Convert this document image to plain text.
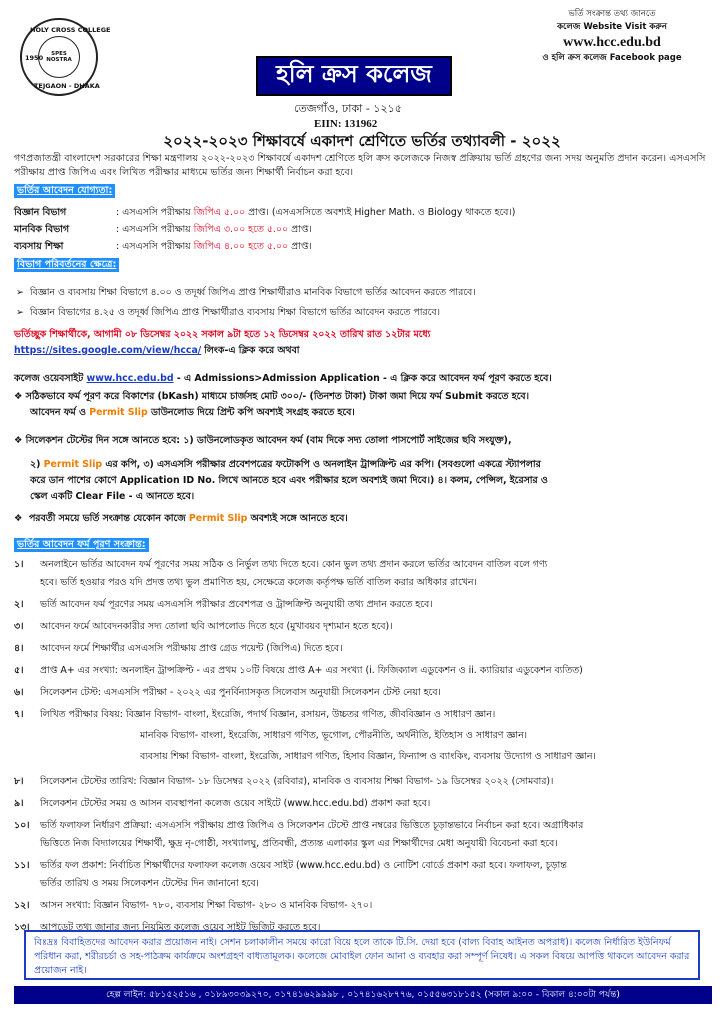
HOLY CROSS COLLEGE
TEJGAON - DHAKA
1950	SPES NOSTRA	হলি ক্রস কলেজ
তেজগাঁও, ঢাকা - ১২১৫
EIIN: 131962
ভর্তি সংক্রান্ত তথ্য জানতে
কলেজ Website Visit করুন
www.hcc.edu.bd
ও হলি ক্রস কলেজ Facebook page
২০২২-২০২৩ শিক্ষাবর্ষে একাদশ শ্রেণিতে ভর্তির তথ্যাবলী - ২০২২
গণপ্রজাতন্ত্রী বাংলাদেশ সরকারের শিক্ষা মন্ত্রণালয় ২০২২-২০২৩ শিক্ষাবর্ষে একাদশ শ্রেণিতে হলি ক্রস কলেজকে নিজস্ব প্রক্রিয়ায় ভর্তি গ্রহণের জন্য সদয় অনুমতি প্রদান করেন। এসএসসি পরীক্ষায় প্রাপ্ত জিপিএ এবং লিখিত পরীক্ষার মাধ্যমে ভর্তির জন্য শিক্ষার্থী নির্বাচন করা হবে।
ভর্তির আবেদন যোগ্যতা:
বিজ্ঞান বিভাগ	: এসএসসি পরীক্ষায় জিপিএ ৫.০০ প্রাপ্ত। (এসএসসিতে অবশ্যই Higher Math. ও Biology থাকতে হবে।)
মানবিক বিভাগ	: এসএসসি পরীক্ষায় জিপিএ ৩.০০ হতে ৫.০০ প্রাপ্ত।
ব্যবসায় শিক্ষা	: এসএসসি পরীক্ষায় জিপিএ ৪.০০ হতে ৫.০০ প্রাপ্ত।
বিভাগ পরিবর্তনের ক্ষেত্রে:
➢  বিজ্ঞান ও ব্যবসায় শিক্ষা বিভাগে ৪.০০ ও তদূর্ধ্ব জিপিএ প্রাপ্ত শিক্ষার্থীরাও মানবিক বিভাগে ভর্তির আবেদন করতে পারবে।
➢  বিজ্ঞান বিভাগের ৪.২৫ ও তদূর্ধ্ব জিপিএ প্রাপ্ত শিক্ষার্থীরাও ব্যবসায় শিক্ষা বিভাগে ভর্তির আবেদন করতে পারবে।
ভর্তিচ্ছুক শিক্ষার্থীকে, আগামী ০৮ ডিসেম্বর ২০২২ সকাল ৯টা হতে ১২ ডিসেম্বর ২০২২ তারিখ রাত ১২টার মধ্যে
https://sites.google.com/view/hcca/ লিংক-এ ক্লিক করে অথবা
কলেজ ওয়েবসাইট www.hcc.edu.bd - এ Admissions>Admission Application - এ ক্লিক করে আবেদন ফর্ম পূরণ করতে হবে।
❖ সঠিকভাবে ফর্ম পূরণ করে বিকাশের (bKash) মাধ্যমে চার্জসহ মোট ৩০০/- (তিনশত টাকা) টাকা জমা দিয়ে ফর্ম Submit করতে হবে।
আবেদন ফর্ম ও Permit Slip ডাউনলোড দিয়ে প্রিন্ট কপি অবশ্যই সংগ্রহ করতে হবে।
❖ সিলেকশন টেস্টের দিন সঙ্গে আনতে হবে: ১) ডাউনলোডকৃত আবেদন ফর্ম (বাম দিকে সদ্য তোলা পাসপোর্ট সাইজের ছবি সংযুক্ত),
২) Permit Slip এর কপি, ৩) এসএসসি পরীক্ষার প্রবেশপত্রের ফটোকপি ও অনলাইন ট্রান্সক্রিপ্ট এর কপি। (সবগুলো একত্রে স্ট্যাপলার
করে ডান পাশের কোণে Application ID No. লিখে আনতে হবে এবং পরীক্ষার হলে অবশ্যই জমা দিবে।) ৪। কলম, পেন্সিল, ইরেসার ও
স্কেল একটি Clear File - এ আনতে হবে।
❖  পরবর্তী সময়ে ভর্তি সংক্রান্ত যেকোন কাজে Permit Slip অবশ্যই সঙ্গে আনতে হবে।
ভর্তির আবেদন ফর্ম পূরণ সংক্রান্ত:
১। অনলাইনে ভর্তির আবেদন ফর্ম পূরণের সময় সঠিক ও নির্ভুল তথ্য দিতে হবে। কোন ভুল তথ্য প্রদান করলে ভর্তির আবেদন বাতিল বলে গণ্য
হবে। ভর্তি হওয়ার পরও যদি প্রদত্ত তথ্য ভুল প্রমাণিত হয়, সেক্ষেত্রে কলেজ কর্তৃপক্ষ ভর্তি বাতিল করার অধিকার রাখেন।
২। ভর্তি আবেদন ফর্ম পূরণের সময় এসএসসি পরীক্ষার প্রবেশপত্র ও ট্রান্সক্রিপ্ট অনুযায়ী তথ্য প্রদান করতে হবে।
৩। আবেদন ফর্মে আবেদনকারীর সদ্য তোলা ছবি আপলোড দিতে হবে (মুখাবয়ব দৃশ্যমান হতে হবে)।
৪। আবেদন ফর্মে শিক্ষার্থীর এসএসসি পরীক্ষায় প্রাপ্ত গ্রেড পয়েন্ট (জিপিএ) দিতে হবে।
৫। প্রাপ্ত A+ এর সংখ্যা: অনলাইন ট্রান্সক্রিপ্ট - এর প্রথম ১০টি বিষয়ে প্রাপ্ত A+ এর সংখ্যা (i. ফিজিক্যাল এডুকেশন ও ii. ক্যারিয়ার এডুকেশন ব্যতিত)
৬। সিলেকশন টেস্ট: এসএসসি পরীক্ষা - ২০২২ এর পুনর্বিন্যাসকৃত সিলেবাস অনুযায়ী সিলেকশন টেস্ট নেয়া হবে।
৭। লিখিত পরীক্ষার বিষয়: বিজ্ঞান বিভাগ- বাংলা, ইংরেজি, পদার্থ বিজ্ঞান, রসায়ন, উচ্চতর গণিত, জীববিজ্ঞান ও সাধারণ জ্ঞান।
মানবিক বিভাগ- বাংলা, ইংরেজি, সাধারণ গণিত, ভূগোল, পৌরনীতি, অর্থনীতি, ইতিহাস ও সাধারণ জ্ঞান।
ব্যবসায় শিক্ষা বিভাগ- বাংলা, ইংরেজি, সাধারণ গণিত, হিসাব বিজ্ঞান, ফিন্যান্স ও ব্যাংকিং, ব্যবসায় উদ্যোগ ও সাধারণ জ্ঞান।
৮। সিলেকশন টেস্টের তারিখ: বিজ্ঞান বিভাগ- ১৮ ডিসেম্বর ২০২২ (রবিবার), মানবিক ও ব্যবসায় শিক্ষা বিভাগ- ১৯ ডিসেম্বর ২০২২ (সোমবার)।
৯। সিলেকশন টেস্টের সময় ও আসন ব্যবস্থাপনা কলেজ ওয়েব সাইটে (www.hcc.edu.bd) প্রকাশ করা হবে।
১০। ভর্তি ফলাফল নির্ধারণ প্রক্রিয়া: এসএসসি পরীক্ষায় প্রাপ্ত জিপিএ ও সিলেকশন টেস্টে প্রাপ্ত নম্বরের ভিত্তিতে চূড়ান্তভাবে নির্বাচন করা হবে। অগ্রাধিকার
ভিত্তিতে নিজ বিদ্যালয়ের শিক্ষার্থী, ক্ষুদ্র নৃ-গোষ্ঠী, সংখ্যালঘু, প্রতিবন্ধী, প্রত্যন্ত এলাকার স্কুল এর শিক্ষার্থীদের মেধা অনুযায়ী বিবেচনা করা হবে।
১১। ভর্তির ফল প্রকাশ: নির্বাচিত শিক্ষার্থীদের ফলাফল কলেজ ওয়েব সাইট (www.hcc.edu.bd) ও নোটিশ বোর্ডে প্রকাশ করা হবে। ফলাফল, চূড়ান্ত
ভর্তির তারিখ ও সময় সিলেকশন টেস্টের দিন জানানো হবে।
১২। আসন সংখ্যা: বিজ্ঞান বিভাগ- ৭৮০, ব্যবসায় শিক্ষা বিভাগ- ২৮০ ও মানবিক বিভাগ- ২৭০।
১৩। আপডেট তথ্য জানার জন্য নিয়মিত কলেজ ওয়েব সাইট ভিজিট করতে হবে।
বিঃদ্রঃ বিবাহিতদের আবেদন করার প্রয়োজন নাই। সেশন চলাকালীন সময়ে কারো বিয়ে হলে তাকে টি.সি. দেয়া হবে (বাল্য বিবাহ আইনত অপরাধ)। কলেজ নির্ধারিত ইউনিফর্ম পরিধান করা, শরীরচর্চা ও সহ-পাঠক্রম কার্যক্রমে অংশগ্রহণ বাধ্যতামূলক। কলেজে মোবাইল ফোন আনা ও ব্যবহার করা সম্পূর্ণ নিষেধ। এ সকল বিষয়ে আপত্তি থাকলে আবেদন করার প্রয়োজন নাই।
হেল্প লাইন: ৫৮১৫২৫১৬ , ০১৮৯৩০৩৯২৭০, ০১৭৪১৬২৯৯৯৮ , ০১৭৪১৬২৮৭৭৬, ০১৫৫৬৩১৮১৫২ (সকাল ৯:০০ - বিকাল ৪:০০টা পর্যন্ত)
